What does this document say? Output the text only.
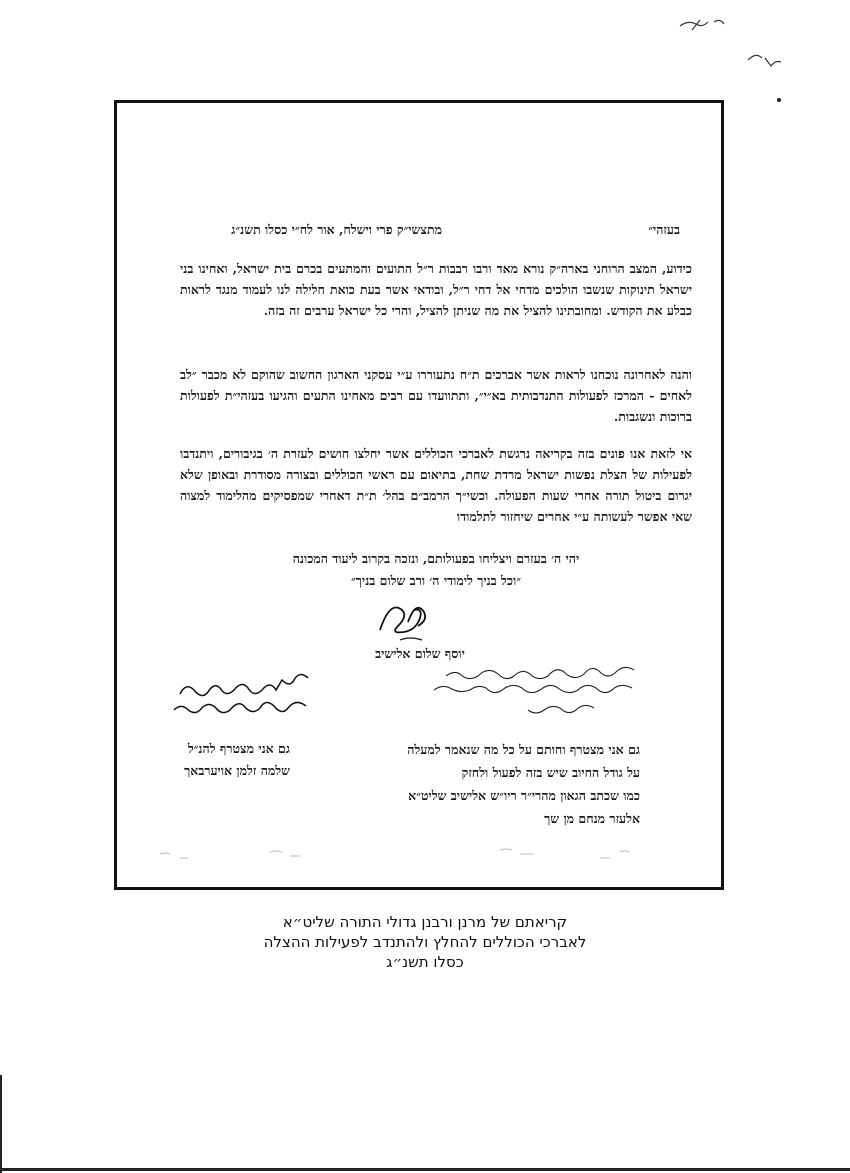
בעזהי״
מתצשי״ק פרי וישלח, אור לח״י כסלו תשנ״ג
כידוע, המצב הרוחני בארה״ק נורא מאד ורבו רבבות ר״ל התועים והמתעים בכרם בית ישראל, ואחינו בני ישראל תינוקות שנשבו הולכים מדחי אל דחי ר״ל, ובודאי אשר בעת כואת חלילה לנו לעמוד מנגד לראות כבלע את הקודש. ומחובתינו להציל את מה שניתן להציל, והרי כל ישראל ערבים זה בזה.
והנה לאחרונה נוכחנו לראות אשר אברכים ת״ח נתעוררו ע״י עסקני הארגון החשוב שהוקם לא מכבר ״לב לאחים - המרכז לפעולות התנדבותית בא״י״, ותתוועדו עם רבים מאחינו התעים והגיעו בעזהי״ת לפעולות ברוכות ונשגבות.
אי לזאת אנו פונים בזה בקריאה נרגשת לאברכי הכוללים אשר יחלצו חושים לעזרת ה׳ בגיבורים, ויתנדבו לפעילות של הצלת נפשות ישראל מרדת שחת, בתיאום עם ראשי הכוללים ובצורה מסודרת ובאופן שלא יגרום ביטול תורה אחרי שעות הפעולה. וכשי״ך הרמב״ם בהל׳ ת״ת דאחרי שמפסיקים מהלימוד למצוה שאי אפשר לעשותה ע״י אחרים שיחזור לתלמודו
יהי ה׳ בעזרם ויצליחו בפעולותם, ונזכה בקרוב ליעוד המכונה
״וכל בניך לימודי ה׳ ורב שלום בניך״
יוסף שלום אלישיב
גם אני מצטרף להנ״ל
שלמה זלמן אויערבאך
גם אני מצטרף וחותם על כל מה שנאמר למעלה
על גודל החיוב שיש בזה לפעול ולחזק
כמו שכתב הגאון מהרי״ר ריו״ש אלישיב שליט״א
אלעזר מנחם מן שך
קריאתם של מרנן ורבנן גדולי התורה שליט״א
לאברכי הכוללים להחלץ ולהתנדב לפעילות ההצלה
כסלו תשנ״ג
